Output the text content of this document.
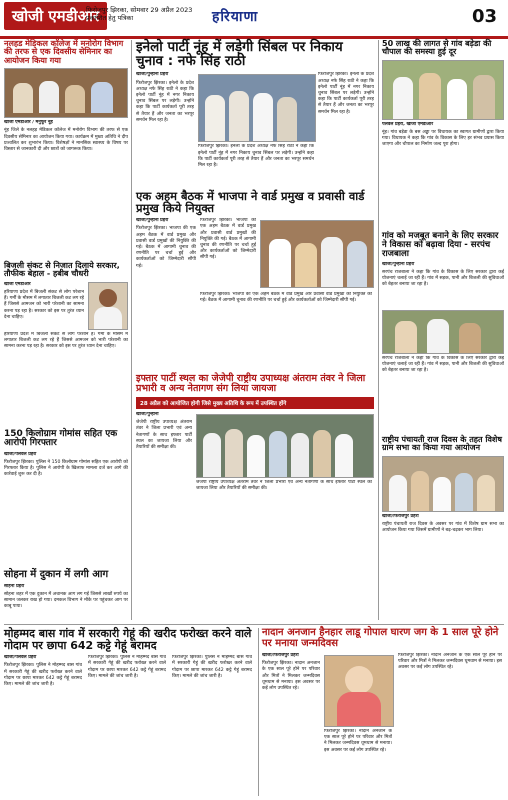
खोजी एमडीआर
फिरोजपुर झिरका, सोमवार 29 अप्रैल 2023
प्रकाशित हेतु पत्रिका	हरियाणा	03
नलहड मेडिकल कॉलेज में मनोरोग विभाग की तरफ से एक दिवसीय सेमिनार का आयोजन किया गया

खोजी एमडीआर / मनुफूर नूंह

नूंह जिले के नलहड़ मेडिकल कॉलेज में मनोरोग विभाग की तरफ से एक दिवसीय सेमिनार का आयोजन किया गया। कार्यक्रम में मुख्य अतिथि ने दीप प्रज्वलित कर शुभारंभ किया। विशेषज्ञों ने मानसिक स्वास्थ्य के विषय पर विस्तार से जानकारी दी और छात्रों को जागरूक किया।

बिजली संकट से निजात दिलाये सरकार, तौफीक बेहाल - हबीब चौधरी

खोजी एमडीआर

हरियाणा प्रदेश में बिजली संकट से लोग परेशान हैं। गर्मी के मौसम में लगातार बिजली कट लग रहे हैं जिससे आमजन को भारी परेशानी का सामना करना पड़ रहा है। सरकार को इस पर तुरंत ध्यान देना चाहिए।

हरियाणा प्रदेश में बिजली संकट से लोग परेशान हैं। गर्मी के मौसम में लगातार बिजली कट लग रहे हैं जिससे आमजन को भारी परेशानी का सामना करना पड़ रहा है। सरकार को इस पर तुरंत ध्यान देना चाहिए।

150 किलोग्राम गोमांस सहित एक आरोपी गिरफ्तार

खोजी/पलवल प्रहरी

फिरोजपुर झिरका। पुलिस ने 150 किलोग्राम गोमांस सहित एक आरोपी को गिरफ्तार किया है। पुलिस ने आरोपी के खिलाफ मामला दर्ज कर आगे की कार्रवाई शुरू कर दी है।

सोहना में दुकान में लगी आग

सोहना प्रहरी

सोहना शहर में एक दुकान में अचानक आग लग गई जिससे लाखों रुपये का सामान जलकर राख हो गया। दमकल विभाग ने मौके पर पहुंचकर आग पर काबू पाया।

इनेलो पार्टी नूंह में लड़ेगी सिंबल पर निकाय चुनाव : नफे सिंह राठी

खोजी/पुन्हाना प्रहरी

फिरोजपुर झिरका। इनेलो के प्रदेश अध्यक्ष नफे सिंह राठी ने कहा कि इनेलो पार्टी नूंह में नगर निकाय चुनाव सिंबल पर लड़ेगी। उन्होंने कहा कि पार्टी कार्यकर्ता पूरी तरह से तैयार हैं और जनता का भरपूर समर्थन मिल रहा है।

फिरोजपुर झिरका। इनेलो के प्रदेश अध्यक्ष नफे सिंह राठी ने कहा कि इनेलो पार्टी नूंह में नगर निकाय चुनाव सिंबल पर लड़ेगी। उन्होंने कहा कि पार्टी कार्यकर्ता पूरी तरह से तैयार हैं और जनता का भरपूर समर्थन मिल रहा है।

फिरोजपुर झिरका। इनेलो के प्रदेश अध्यक्ष नफे सिंह राठी ने कहा कि इनेलो पार्टी नूंह में नगर निकाय चुनाव सिंबल पर लड़ेगी। उन्होंने कहा कि पार्टी कार्यकर्ता पूरी तरह से तैयार हैं और जनता का भरपूर समर्थन मिल रहा है।

एक अहम बैठक में भाजपा ने वार्ड प्रमुख व प्रवासी वार्ड प्रमुख किये नियुक्त

खोजी/पुन्हाना प्रहरी

फिरोजपुर झिरका। भाजपा की एक अहम बैठक में वार्ड प्रमुख और प्रवासी वार्ड प्रमुखों की नियुक्ति की गई। बैठक में आगामी चुनाव की रणनीति पर चर्चा हुई और कार्यकर्ताओं को जिम्मेदारी सौंपी गई।

फिरोजपुर झिरका। भाजपा की एक अहम बैठक में वार्ड प्रमुख और प्रवासी वार्ड प्रमुखों की नियुक्ति की गई। बैठक में आगामी चुनाव की रणनीति पर चर्चा हुई और कार्यकर्ताओं को जिम्मेदारी सौंपी गई।

फिरोजपुर झिरका। भाजपा की एक अहम बैठक में वार्ड प्रमुख और प्रवासी वार्ड प्रमुखों की नियुक्ति की गई। बैठक में आगामी चुनाव की रणनीति पर चर्चा हुई और कार्यकर्ताओं को जिम्मेदारी सौंपी गई।

इफ्तार पार्टी स्थल का जेजेपी राष्ट्रीय उपाध्यक्ष अंतराम तंवर ने जिला प्रभारी व अन्य नेतागण संग लिया जायजा
28 अप्रैल को आयोजित होगी जिसे मुख्य अतिथि के रूप में उपस्थित होंगे

खोजी/पुन्हाना

जेजेपी राष्ट्रीय उपाध्यक्ष अंतराम तंवर ने जिला प्रभारी एवं अन्य नेतागणों के साथ इफ्तार पार्टी स्थल का जायजा लिया और तैयारियों की समीक्षा की।

जेजेपी राष्ट्रीय उपाध्यक्ष अंतराम तंवर ने जिला प्रभारी एवं अन्य नेतागणों के साथ इफ्तार पार्टी स्थल का जायजा लिया और तैयारियों की समीक्षा की।

50 लाख की लागत से गांव बड़ेडा की चौपाल की समस्या हुई दूर

पलवल प्रहरी, खोजी एमडीआर

नूंह। गांव बड़ेडा के बस अड्डा पर विधायक का स्वागत ग्रामीणों द्वारा किया गया। विधायक ने कहा कि गांव के विकास के लिए हर संभव प्रयास किया जाएगा और चौपाल का निर्माण जल्द पूरा होगा।

गांव को मजबूत बनाने के लिए सरकार ने विकास को बढ़ावा दिया - सरपंच राजबाला

खोजी/पुन्हाना प्रहरी

सरपंच राजबाला ने कहा कि गांव के विकास के लिए सरकार द्वारा कई योजनाएं चलाई जा रही हैं। गांव में सड़क, पानी और बिजली की सुविधाओं को बेहतर बनाया जा रहा है।

सरपंच राजबाला ने कहा कि गांव के विकास के लिए सरकार द्वारा कई योजनाएं चलाई जा रही हैं। गांव में सड़क, पानी और बिजली की सुविधाओं को बेहतर बनाया जा रहा है।

राष्ट्रीय पंचायती राज दिवस के तहत विशेष ग्राम सभा का किया गया आयोजन

खोजी/फिरोजपुर प्रहरी

राष्ट्रीय पंचायती राज दिवस के अवसर पर गांव में विशेष ग्राम सभा का आयोजन किया गया जिसमें ग्रामीणों ने बढ़-चढ़कर भाग लिया।

मोहम्मद बास गांव में सरकारी गेहूं की खरीद फरोख्त करने वाले गोदाम पर छापा 642 कट्टे गेहूं बरामद

खोजी/पलवल प्रहरी

फिरोजपुर झिरका। पुलिस ने मोहम्मद बास गांव में सरकारी गेहूं की खरीद फरोख्त करने वाले गोदाम पर छापा मारकर 642 कट्टे गेहूं बरामद किए। मामले की जांच जारी है।

फिरोजपुर झिरका। पुलिस ने मोहम्मद बास गांव में सरकारी गेहूं की खरीद फरोख्त करने वाले गोदाम पर छापा मारकर 642 कट्टे गेहूं बरामद किए। मामले की जांच जारी है।

फिरोजपुर झिरका। पुलिस ने मोहम्मद बास गांव में सरकारी गेहूं की खरीद फरोख्त करने वाले गोदाम पर छापा मारकर 642 कट्टे गेहूं बरामद किए। मामले की जांच जारी है।

नादान अनजान हैनहार लाडू गोपाल घारण जग के 1 साल पूरे होने पर मनाया जन्मदिवस

खोजी/फिरोजपुर प्रहरी

फिरोजपुर झिरका। नादान अनजान के एक साल पूरे होने पर परिवार और मित्रों ने मिलकर जन्मदिवस धूमधाम से मनाया। इस अवसर पर कई लोग उपस्थित रहे।

फिरोजपुर झिरका। नादान अनजान के एक साल पूरे होने पर परिवार और मित्रों ने मिलकर जन्मदिवस धूमधाम से मनाया। इस अवसर पर कई लोग उपस्थित रहे।

फिरोजपुर झिरका। नादान अनजान के एक साल पूरे होने पर परिवार और मित्रों ने मिलकर जन्मदिवस धूमधाम से मनाया। इस अवसर पर कई लोग उपस्थित रहे।
